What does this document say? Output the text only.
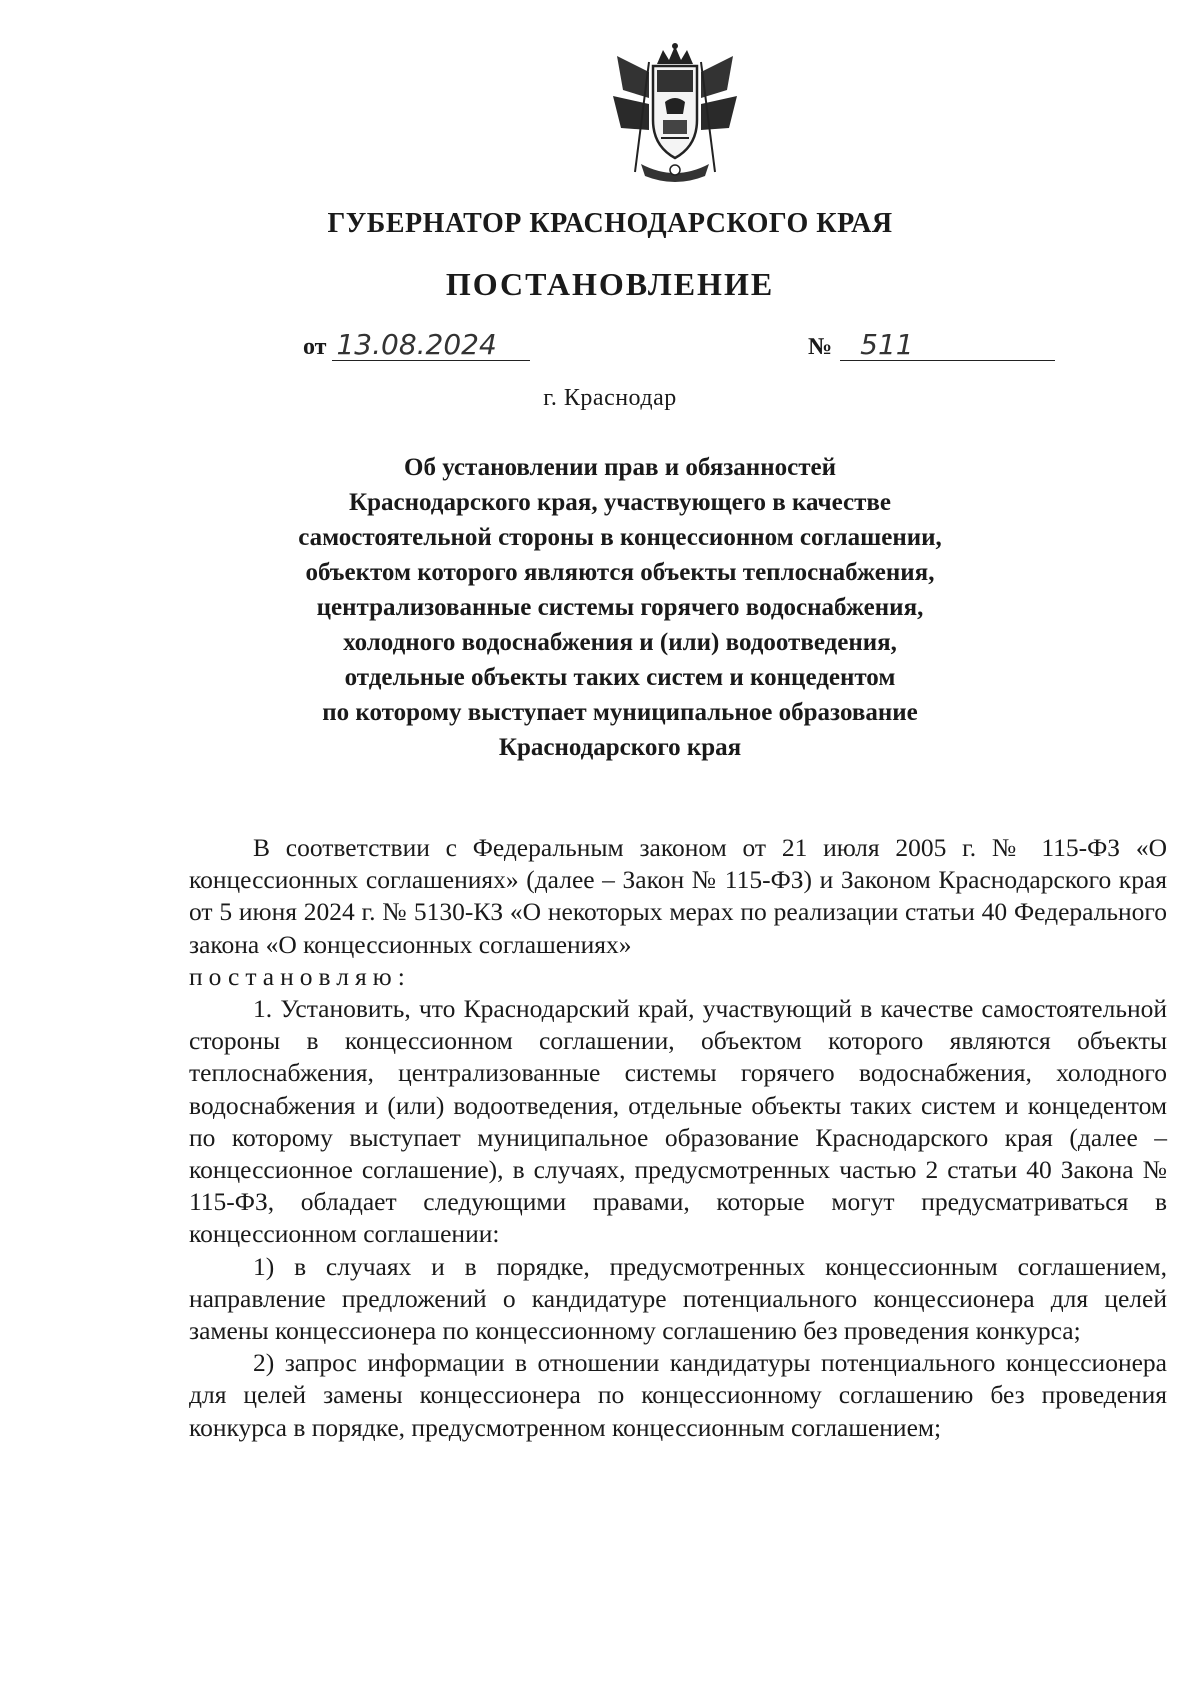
ГУБЕРНАТОР КРАСНОДАРСКОГО КРАЯ
ПОСТАНОВЛЕНИЕ
от 13.08.2024	№	511
г. Краснодар
Об установлении прав и обязанностей
Краснодарского края, участвующего в качестве
самостоятельной стороны в концессионном соглашении,
объектом которого являются объекты теплоснабжения,
централизованные системы горячего водоснабжения,
холодного водоснабжения и (или) водоотведения,
отдельные объекты таких систем и концедентом
по которому выступает муниципальное образование
Краснодарского края

В соответствии с Федеральным законом от 21 июля 2005 г. № 115-ФЗ «О концессионных соглашениях» (далее – Закон № 115-ФЗ) и Законом Краснодарского края от 5 июня 2024 г. № 5130-КЗ «О некоторых мерах по реализации статьи 40 Федерального закона «О концессионных соглашениях»

постановляю:

1. Установить, что Краснодарский край, участвующий в качестве самостоятельной стороны в концессионном соглашении, объектом которого являются объекты теплоснабжения, централизованные системы горячего водоснабжения, холодного водоснабжения и (или) водоотведения, отдельные объекты таких систем и концедентом по которому выступает муниципальное образование Краснодарского края (далее – концессионное соглашение), в случаях, предусмотренных частью 2 статьи 40 Закона № 115-ФЗ, обладает следующими правами, которые могут предусматриваться в концессионном соглашении:

1) в случаях и в порядке, предусмотренных концессионным соглашением, направление предложений о кандидатуре потенциального концессионера для целей замены концессионера по концессионному соглашению без проведения конкурса;

2) запрос информации в отношении кандидатуры потенциального концессионера для целей замены концессионера по концессионному соглашению без проведения конкурса в порядке, предусмотренном концессионным соглашением;
